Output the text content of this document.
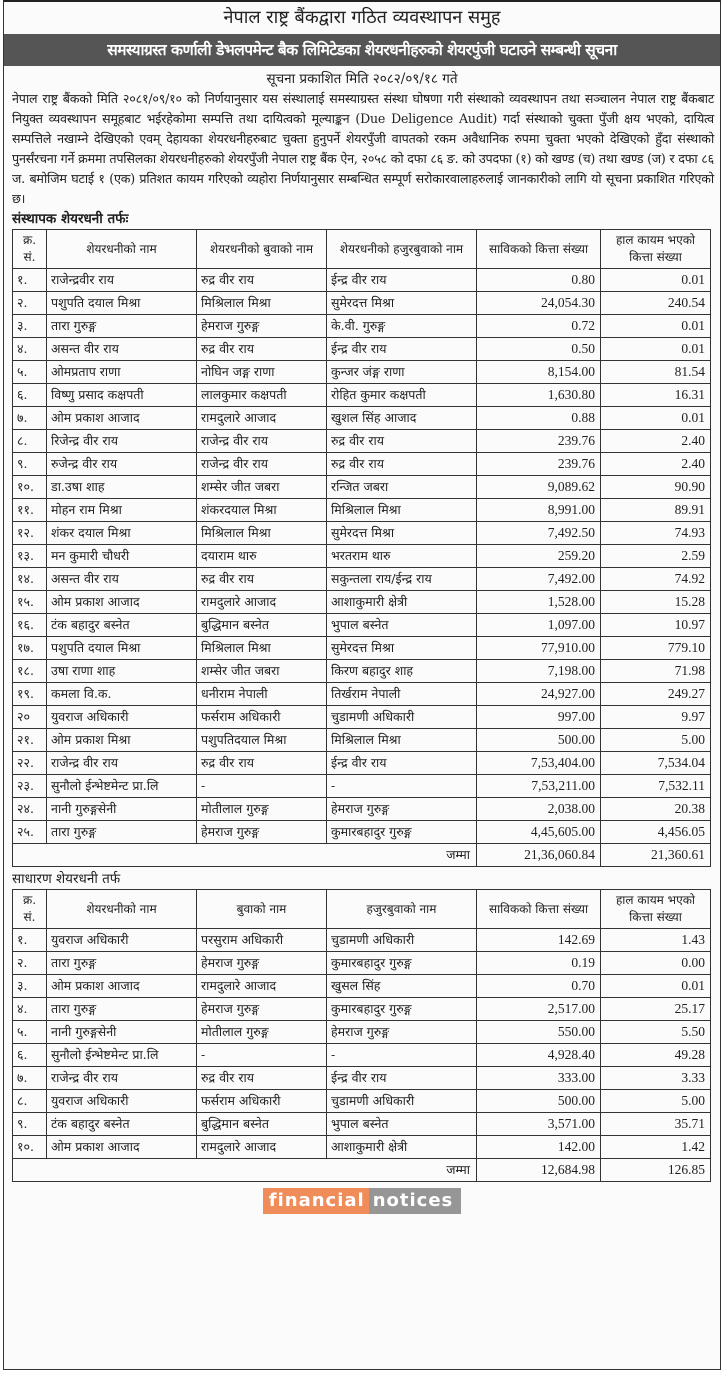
नेपाल राष्ट्र बैंकद्वारा गठित व्यवस्थापन समुह
समस्याग्रस्त कर्णाली डेभलपमेन्ट बैक लिमिटेडका शेयरधनीहरुको शेयरपुंजी घटाउने सम्बन्धी सूचना
सूचना प्रकाशित मिति २०८२/०९/१८ गते
नेपाल राष्ट्र बैंकको मिति २०८१/०९/१० को निर्णयानुसार यस संस्थालाई समस्याग्रस्त संस्था घोषणा गरी संस्थाको व्यवस्थापन तथा सञ्चालन नेपाल राष्ट्र बैंकबाट नियुक्त व्यवस्थापन समूहबाट भईरहेकोमा सम्पत्ति तथा दायित्वको मूल्याङ्कन (Due Deligence Audit) गर्दा संस्थाको चुक्ता पुँजी क्षय भएको, दायित्व सम्पत्तिले नखाम्ने देखिएको एवम् देहायका शेयरधनीहरुबाट चुक्ता हुनुपर्ने शेयरपुँजी वापतको रकम अवैधानिक रुपमा चुक्ता भएको देखिएको हुँदा संस्थाको पुनर्संरचना गर्ने क्रममा तपसिलका शेयरधनीहरुको शेयरपुँजी नेपाल राष्ट्र बैंक ऐन, २०५८ को दफा ८६ ङ. को उपदफा (१) को खण्ड (च) तथा खण्ड (ज) र दफा ८६ ज. बमोजिम घटाई १ (एक) प्रतिशत कायम गरिएको व्यहोरा निर्णयानुसार सम्बन्धित सम्पूर्ण सरोकारवालाहरुलाई जानकारीको लागि यो सूचना प्रकाशित गरिएको छ।
संस्थापक शेयरधनी तर्फः
क्र. सं.	शेयरधनीको नाम	शेयरधनीको बुवाको नाम	शेयरधनीको हजुरबुवाको नाम	साविकको कित्ता संख्या	हाल कायम भएको कित्ता संख्या
१.	राजेन्द्रवीर राय	रुद्र वीर राय	ईन्द्र वीर राय	0.80	0.01
२.	पशुपति दयाल मिश्रा	मिश्रिलाल मिश्रा	सुमेरदत्त मिश्रा	24,054.30	240.54
३.	तारा गुरुङ्ग	हेमराज गुरुङ्ग	के.वी. गुरुङ्ग	0.72	0.01
४.	असन्त वीर राय	रुद्र वीर राय	ईन्द्र वीर राय	0.50	0.01
५.	ओमप्रताप राणा	नोघिन जङ्ग राणा	कुन्जर जंङ्ग राणा	8,154.00	81.54
६.	विष्णु प्रसाद कक्षपती	लालकुमार कक्षपती	रोहित कुमार कक्षपती	1,630.80	16.31
७.	ओम प्रकाश आजाद	रामदुलारे आजाद	खुशल सिंह आजाद	0.88	0.01
८.	रिजेन्द्र वीर राय	राजेन्द्र वीर राय	रुद्र वीर राय	239.76	2.40
९.	रुजेन्द्र वीर राय	राजेन्द्र वीर राय	रुद्र वीर राय	239.76	2.40
१०.	डा.उषा शाह	शम्सेर जीत जबरा	रन्जित जबरा	9,089.62	90.90
११.	मोहन राम मिश्रा	शंकरदयाल मिश्रा	मिश्रिलाल मिश्रा	8,991.00	89.91
१२.	शंकर दयाल मिश्रा	मिश्रिलाल मिश्रा	सुमेरदत्त मिश्रा	7,492.50	74.93
१३.	मन कुमारी चौधरी	दयाराम थारु	भरतराम थारु	259.20	2.59
१४.	असन्त वीर राय	रुद्र वीर राय	सकुन्तला राय/ईन्द्र राय	7,492.00	74.92
१५.	ओम प्रकाश आजाद	रामदुलारे आजाद	आशाकुमारी क्षेत्री	1,528.00	15.28
१६.	टंक बहादुर बस्नेत	बुद्धिमान बस्नेत	भुपाल बस्नेत	1,097.00	10.97
१७.	पशुपति दयाल मिश्रा	मिश्रिलाल मिश्रा	सुमेरदत्त मिश्रा	77,910.00	779.10
१८.	उषा राणा शाह	शम्सेर जीत जबरा	किरण बहादुर शाह	7,198.00	71.98
१९.	कमला वि.क.	धनीराम नेपाली	तिर्खराम नेपाली	24,927.00	249.27
२०	युवराज अधिकारी	फर्सराम अधिकारी	चुडामणी अधिकारी	997.00	9.97
२१.	ओम प्रकाश मिश्रा	पशुपतिदयाल मिश्रा	मिश्रिलाल मिश्रा	500.00	5.00
२२.	राजेन्द्र वीर राय	रुद्र वीर राय	ईन्द्र वीर राय	7,53,404.00	7,534.04
२३.	सुनौलो ईन्भेष्टमेन्ट प्रा.लि	-	-	7,53,211.00	7,532.11
२४.	नानी गुरुङ्गसेनी	मोतीलाल गुरुङ्ग	हेमराज गुरुङ्ग	2,038.00	20.38
२५.	तारा गुरुङ्ग	हेमराज गुरुङ्ग	कुमारबहादुर गुरुङ्ग	4,45,605.00	4,456.05
जम्मा				21,36,060.84	21,360.61
साधारण शेयरधनी तर्फ
क्र. सं.	शेयरधनीको नाम	बुवाको नाम	हजुरबुवाको नाम	साविकको कित्ता संख्या	हाल कायम भएको कित्ता संख्या
१.	युवराज अधिकारी	परसुराम अधिकारी	चुडामणी अधिकारी	142.69	1.43
२.	तारा गुरुङ्ग	हेमराज गुरुङ्ग	कुमारबहादुर गुरुङ्ग	0.19	0.00
३.	ओम प्रकाश आजाद	रामदुलारे आजाद	खुसल सिंह	0.70	0.01
४.	तारा गुरुङ्ग	हेमराज गुरुङ्ग	कुमारबहादुर गुरुङ्ग	2,517.00	25.17
५.	नानी गुरुङ्गसेनी	मोतीलाल गुरुङ्ग	हेमराज गुरुङ्ग	550.00	5.50
६.	सुनौलो ईन्भेष्टमेन्ट प्रा.लि	-	-	4,928.40	49.28
७.	राजेन्द्र वीर राय	रुद्र वीर राय	ईन्द्र वीर राय	333.00	3.33
८.	युवराज अधिकारी	फर्सराम अधिकारी	चुडामणी अधिकारी	500.00	5.00
९.	टंक बहादुर बस्नेत	बुद्धिमान बस्नेत	भुपाल बस्नेत	3,571.00	35.71
१०.	ओम प्रकाश आजाद	रामदुलारे आजाद	आशाकुमारी क्षेत्री	142.00	1.42
जम्मा				12,684.98	126.85
financial notices
